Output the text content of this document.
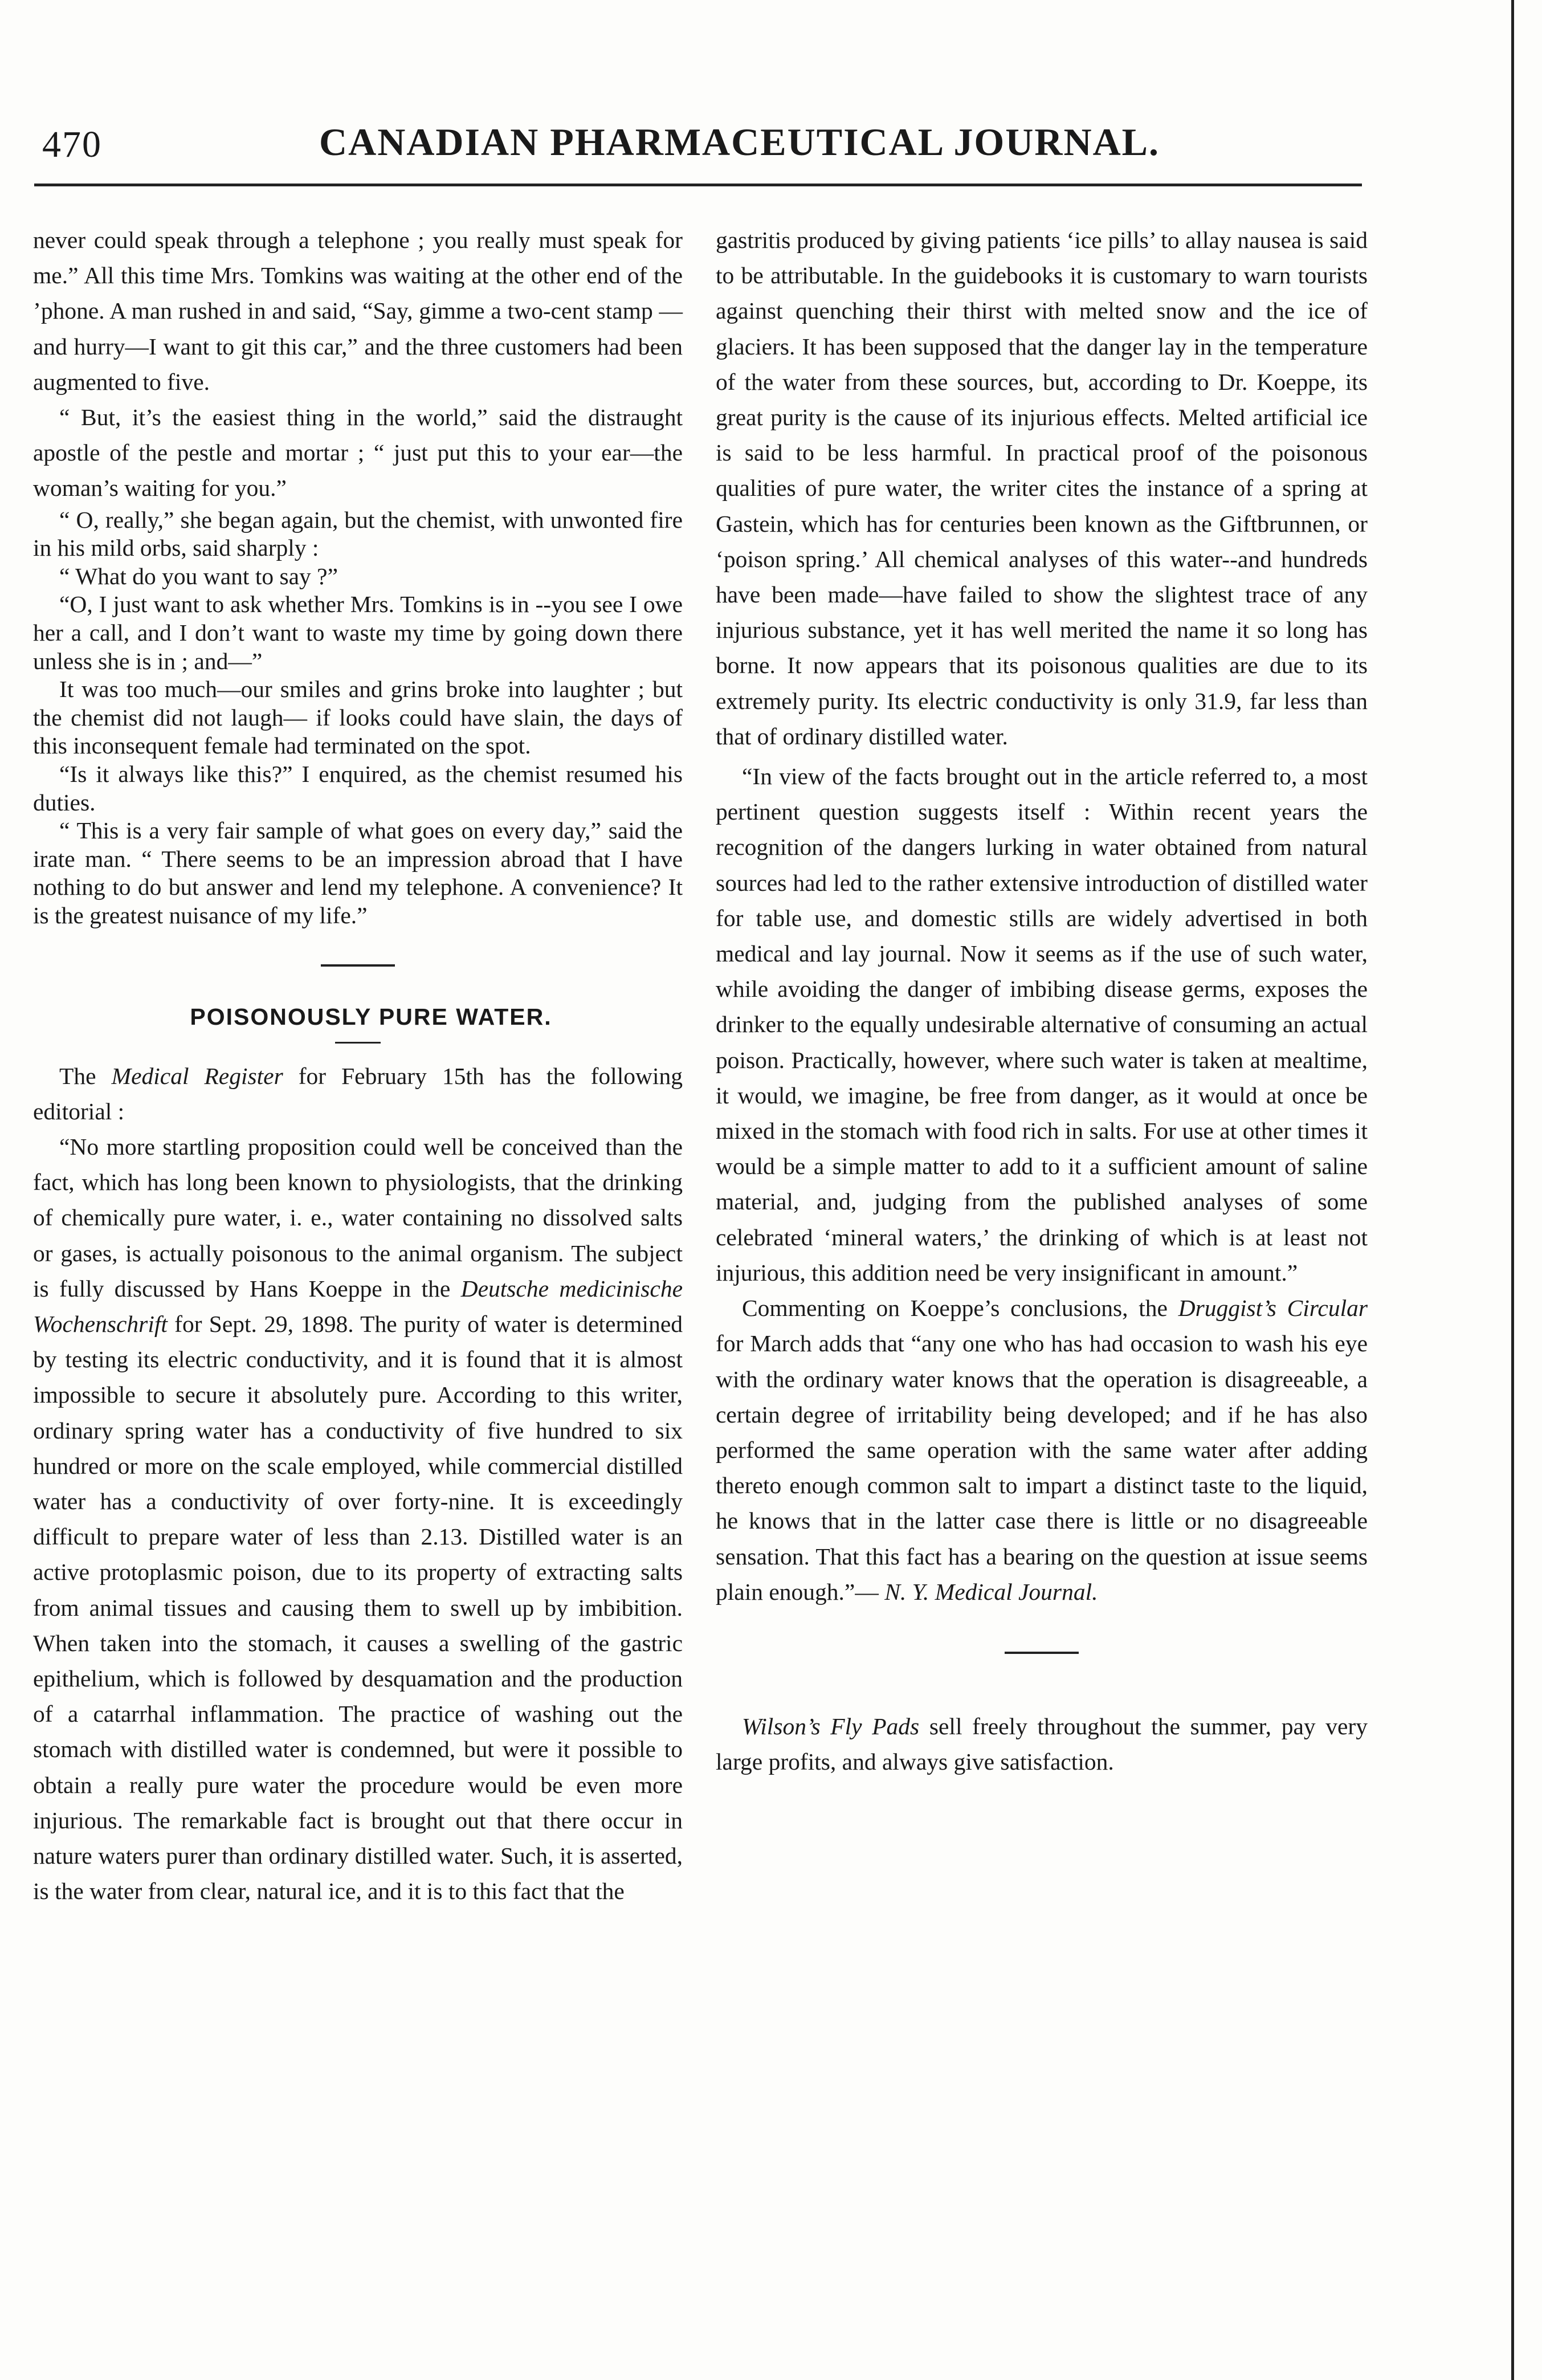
470	CANADIAN PHARMACEUTICAL JOURNAL.

never could speak through a telephone ; you really must speak for me.” All this time Mrs. Tomkins was waiting at the other end of the ’phone. A man rushed in and said, “Say, gimme a two-cent stamp —and hurry—I want to git this car,” and the three customers had been augmented to five.

“ But, it’s the easiest thing in the world,” said the distraught apostle of the pestle and mortar ; “ just put this to your ear—the woman’s waiting for you.”

“ O, really,” she began again, but the chemist, with unwonted fire in his mild orbs, said sharply :

“ What do you want to say ?”

“O, I just want to ask whether Mrs. Tomkins is in --you see I owe her a call, and I don’t want to waste my time by going down there unless she is in ; and—”

It was too much—our smiles and grins broke into laughter ; but the chemist did not laugh— if looks could have slain, the days of this inconsequent female had terminated on the spot.

“Is it always like this?” I enquired, as the chemist resumed his duties.

“ This is a very fair sample of what goes on every day,” said the irate man. “ There seems to be an impression abroad that I have nothing to do but answer and lend my telephone. A convenience? It is the greatest nuisance of my life.”

POISONOUSLY PURE WATER.

The Medical Register for February 15th has the following editorial :

“No more startling proposition could well be conceived than the fact, which has long been known to physiologists, that the drinking of chemically pure water, i. e., water containing no dissolved salts or gases, is actually poisonous to the animal organism. The subject is fully discussed by Hans Koeppe in the Deutsche medicinische Wochenschrift for Sept. 29, 1898. The purity of water is determined by testing its electric conductivity, and it is found that it is almost impossible to secure it absolutely pure. According to this writer, ordinary spring water has a conductivity of five hundred to six hundred or more on the scale employed, while commercial distilled water has a conductivity of over forty-nine. It is exceedingly difficult to prepare water of less than 2.13. Distilled water is an active protoplasmic poison, due to its property of extracting salts from animal tissues and causing them to swell up by imbibition. When taken into the stomach, it causes a swelling of the gastric epithelium, which is followed by desquamation and the production of a catarrhal inflammation. The practice of washing out the stomach with distilled water is condemned, but were it possible to obtain a really pure water the procedure would be even more injurious. The remarkable fact is brought out that there occur in nature waters purer than ordinary distilled water. Such, it is asserted, is the water from clear, natural ice, and it is to this fact that the

gastritis produced by giving patients ‘ice pills’ to allay nausea is said to be attributable. In the guidebooks it is customary to warn tourists against quenching their thirst with melted snow and the ice of glaciers. It has been supposed that the danger lay in the temperature of the water from these sources, but, according to Dr. Koeppe, its great purity is the cause of its injurious effects. Melted artificial ice is said to be less harmful. In practical proof of the poisonous qualities of pure water, the writer cites the instance of a spring at Gastein, which has for centuries been known as the Giftbrunnen, or ‘poison spring.’ All chemical analyses of this water--and hundreds have been made—have failed to show the slightest trace of any injurious substance, yet it has well merited the name it so long has borne. It now appears that its poisonous qualities are due to its extremely purity. Its electric conductivity is only 31.9, far less than that of ordinary distilled water.

“In view of the facts brought out in the article referred to, a most pertinent question suggests itself : Within recent years the recognition of the dangers lurking in water obtained from natural sources had led to the rather extensive introduction of distilled water for table use, and domestic stills are widely advertised in both medical and lay journal. Now it seems as if the use of such water, while avoiding the danger of imbibing disease germs, exposes the drinker to the equally undesirable alternative of consuming an actual poison. Practically, however, where such water is taken at mealtime, it would, we imagine, be free from danger, as it would at once be mixed in the stomach with food rich in salts. For use at other times it would be a simple matter to add to it a sufficient amount of saline material, and, judging from the published analyses of some celebrated ‘mineral waters,’ the drinking of which is at least not injurious, this addition need be very insignificant in amount.”

Commenting on Koeppe’s conclusions, the Druggist’s Circular for March adds that “any one who has had occasion to wash his eye with the ordinary water knows that the operation is disagreeable, a certain degree of irritability being developed; and if he has also performed the same operation with the same water after adding thereto enough common salt to impart a distinct taste to the liquid, he knows that in the latter case there is little or no disagreeable sensation. That this fact has a bearing on the question at issue seems plain enough.”— N. Y. Medical Journal.

Wilson’s Fly Pads sell freely throughout the summer, pay very large profits, and always give satisfaction.
